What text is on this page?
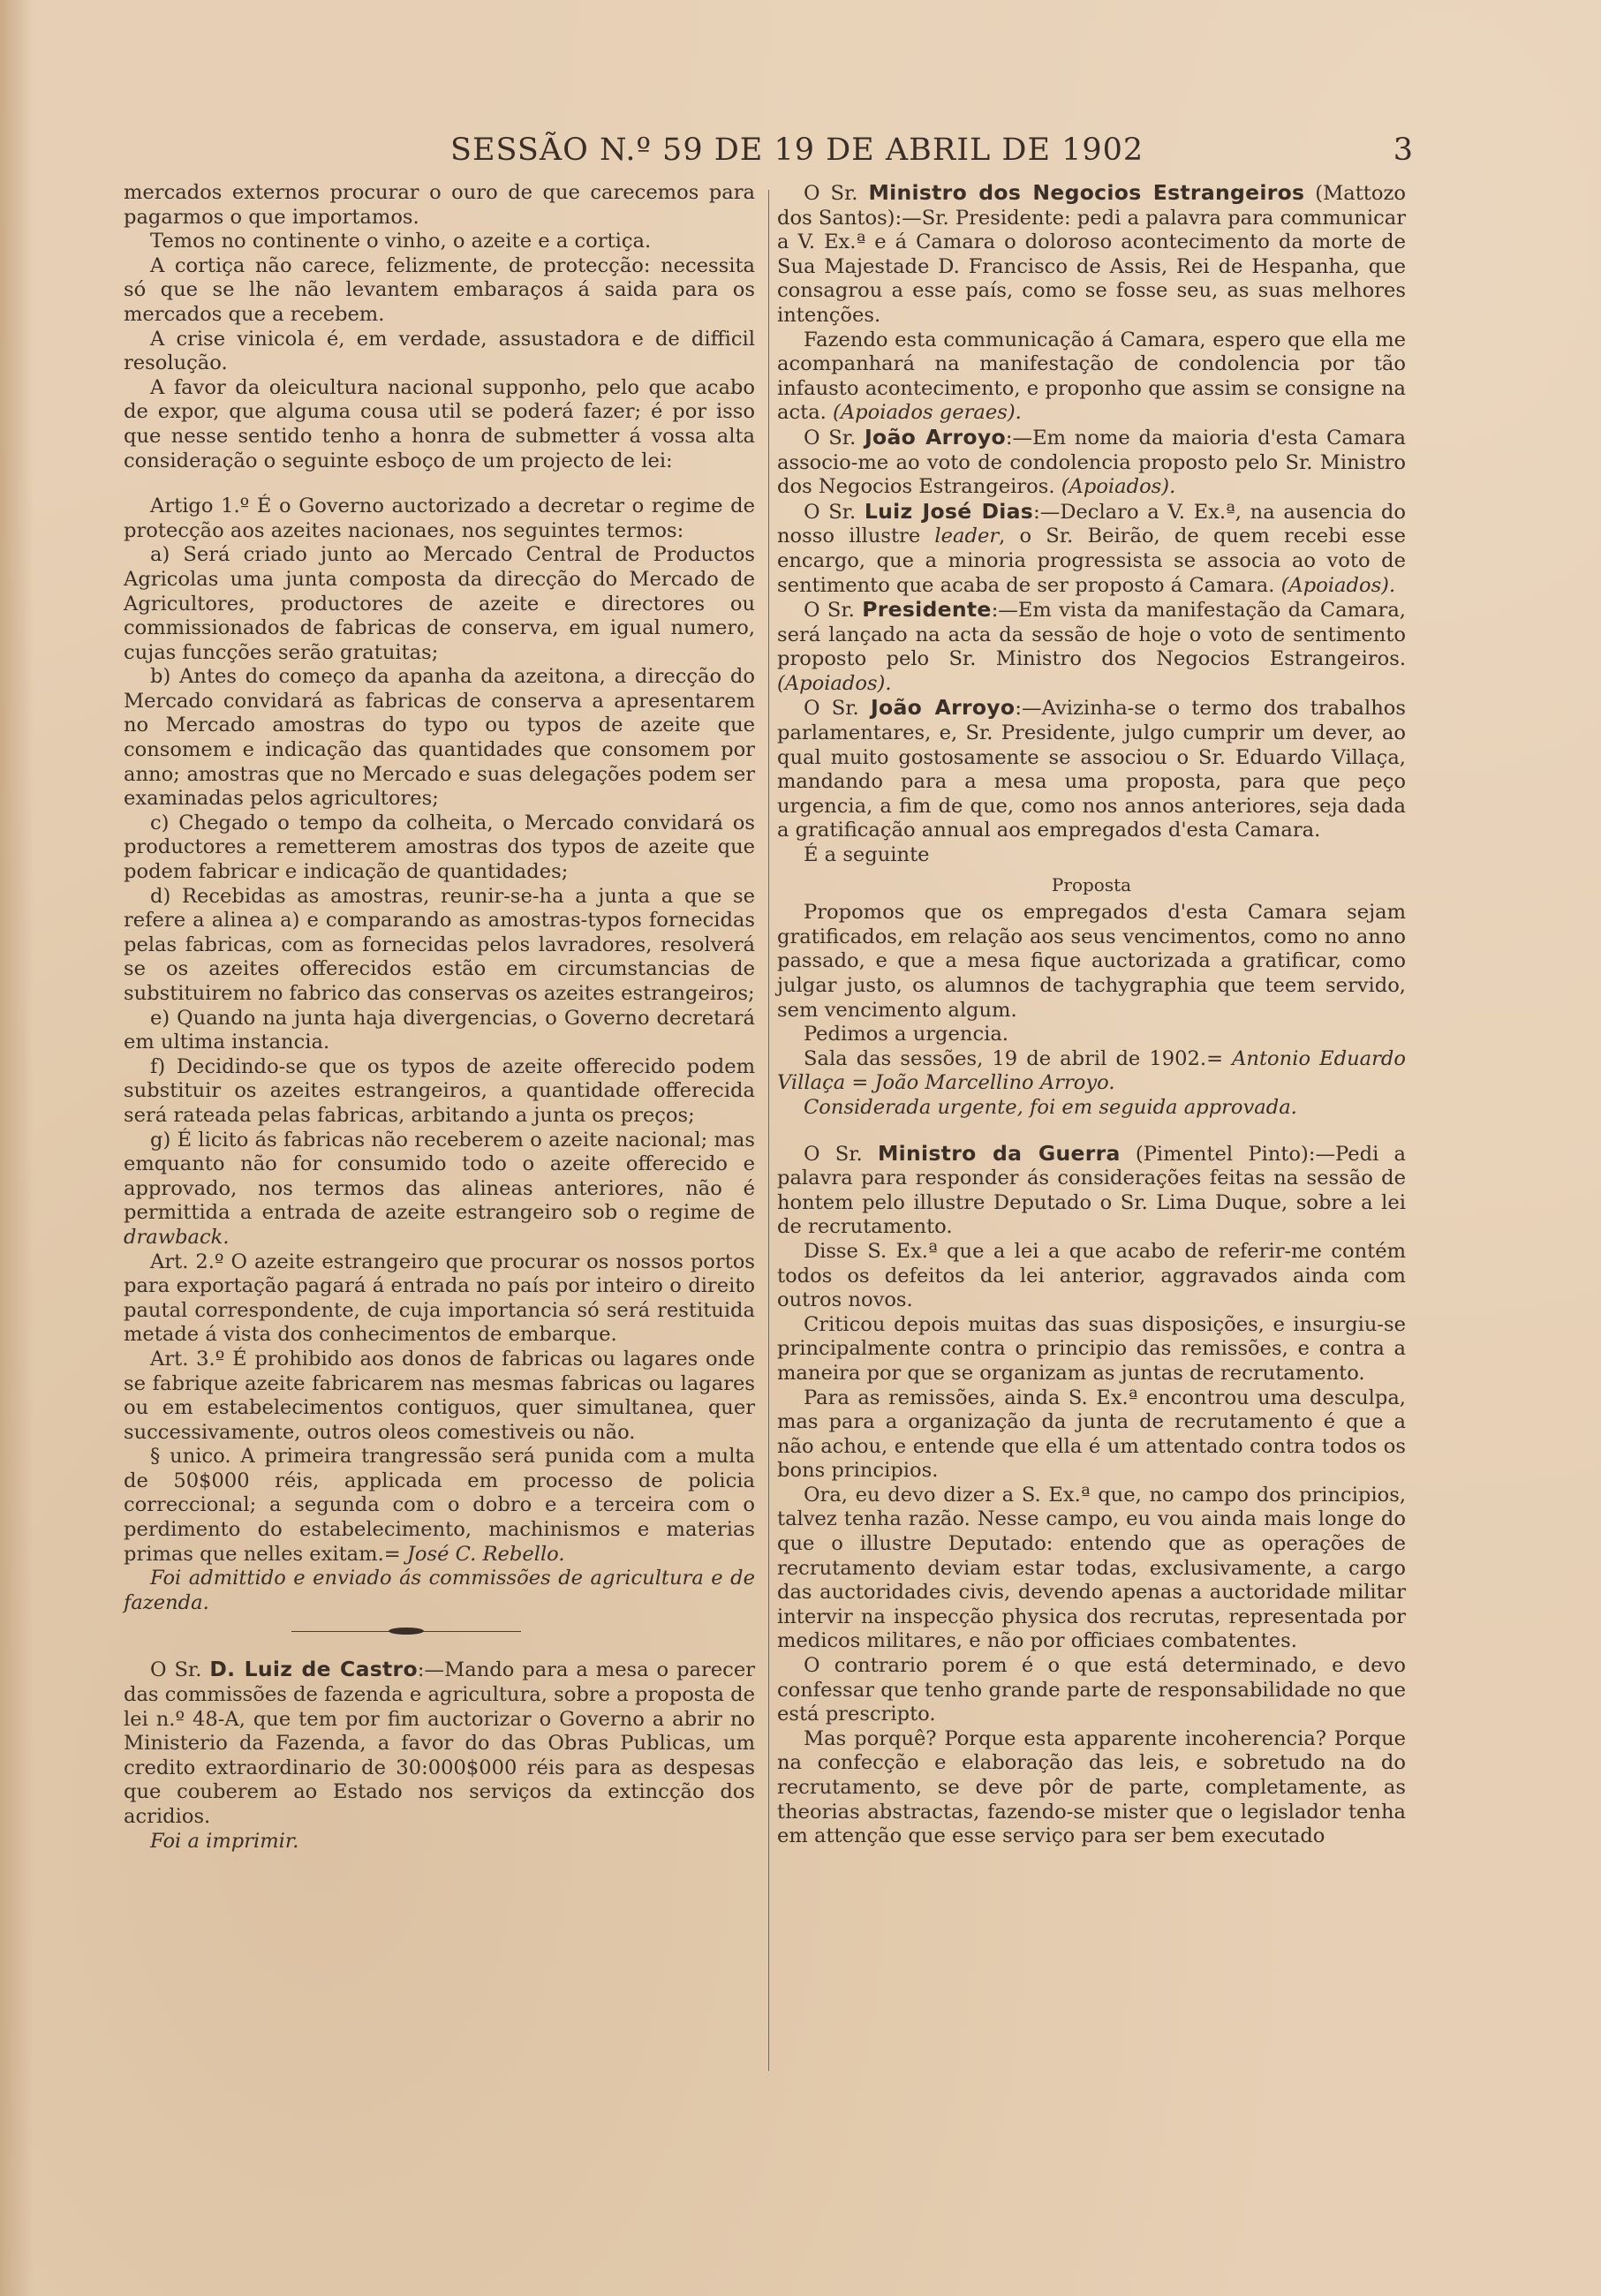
SESSÃO N.º 59 DE 19 DE ABRIL DE 1902	3

mercados externos procurar o ouro de que carecemos para pagarmos o que importamos.

Temos no continente o vinho, o azeite e a cortiça.

A cortiça não carece, felizmente, de protecção: necessita só que se lhe não levantem embaraços á saida para os mercados que a recebem.

A crise vinicola é, em verdade, assustadora e de difficil resolução.

A favor da oleicultura nacional supponho, pelo que acabo de expor, que alguma cousa util se poderá fazer; é por isso que nesse sentido tenho a honra de submetter á vossa alta consideração o seguinte esboço de um projecto de lei:

Artigo 1.º É o Governo auctorizado a decretar o regime de protecção aos azeites nacionaes, nos seguintes termos:

a) Será criado junto ao Mercado Central de Productos Agricolas uma junta composta da direcção do Mercado de Agricultores, productores de azeite e directores ou commissionados de fabricas de conserva, em igual numero, cujas funcções serão gratuitas;

b) Antes do começo da apanha da azeitona, a direcção do Mercado convidará as fabricas de conserva a apresentarem no Mercado amostras do typo ou typos de azeite que consomem e indicação das quantidades que consomem por anno; amostras que no Mercado e suas delegações podem ser examinadas pelos agricultores;

c) Chegado o tempo da colheita, o Mercado convidará os productores a remetterem amostras dos typos de azeite que podem fabricar e indicação de quantidades;

d) Recebidas as amostras, reunir-se-ha a junta a que se refere a alinea a) e comparando as amostras-typos fornecidas pelas fabricas, com as fornecidas pelos lavradores, resolverá se os azeites offerecidos estão em circumstancias de substituirem no fabrico das conservas os azeites estrangeiros;

e) Quando na junta haja divergencias, o Governo decretará em ultima instancia.

f) Decidindo-se que os typos de azeite offerecido podem substituir os azeites estrangeiros, a quantidade offerecida será rateada pelas fabricas, arbitando a junta os preços;

g) É licito ás fabricas não receberem o azeite nacional; mas emquanto não for consumido todo o azeite offerecido e approvado, nos termos das alineas anteriores, não é permittida a entrada de azeite estrangeiro sob o regime de drawback.

Art. 2.º O azeite estrangeiro que procurar os nossos portos para exportação pagará á entrada no país por inteiro o direito pautal correspondente, de cuja importancia só será restituida metade á vista dos conhecimentos de embarque.

Art. 3.º É prohibido aos donos de fabricas ou lagares onde se fabrique azeite fabricarem nas mesmas fabricas ou lagares ou em estabelecimentos contiguos, quer simultanea, quer successivamente, outros oleos comestiveis ou não.

§ unico. A primeira trangressão será punida com a multa de 50$000 réis, applicada em processo de policia correccional; a segunda com o dobro e a terceira com o perdimento do estabelecimento, machinismos e materias primas que nelles exitam.= José C. Rebello.

Foi admittido e enviado ás commissões de agricultura e de fazenda.

O Sr. D. Luiz de Castro:—Mando para a mesa o parecer das commissões de fazenda e agricultura, sobre a proposta de lei n.º 48-A, que tem por fim auctorizar o Governo a abrir no Ministerio da Fazenda, a favor do das Obras Publicas, um credito extraordinario de 30:000$000 réis para as despesas que couberem ao Estado nos serviços da extincção dos acridios.

Foi a imprimir.

O Sr. Ministro dos Negocios Estrangeiros (Mattozo dos Santos):—Sr. Presidente: pedi a palavra para communicar a V. Ex.ª e á Camara o doloroso acontecimento da morte de Sua Majestade D. Francisco de Assis, Rei de Hespanha, que consagrou a esse país, como se fosse seu, as suas melhores intenções.

Fazendo esta communicação á Camara, espero que ella me acompanhará na manifestação de condolencia por tão infausto acontecimento, e proponho que assim se consigne na acta. (Apoiados geraes).

O Sr. João Arroyo:—Em nome da maioria d'esta Camara associo-me ao voto de condolencia proposto pelo Sr. Ministro dos Negocios Estrangeiros. (Apoiados).

O Sr. Luiz José Dias:—Declaro a V. Ex.ª, na ausencia do nosso illustre leader, o Sr. Beirão, de quem recebi esse encargo, que a minoria progressista se associa ao voto de sentimento que acaba de ser proposto á Camara. (Apoiados).

O Sr. Presidente:—Em vista da manifestação da Camara, será lançado na acta da sessão de hoje o voto de sentimento proposto pelo Sr. Ministro dos Negocios Estrangeiros. (Apoiados).

O Sr. João Arroyo:—Avizinha-se o termo dos trabalhos parlamentares, e, Sr. Presidente, julgo cumprir um dever, ao qual muito gostosamente se associou o Sr. Eduardo Villaça, mandando para a mesa uma proposta, para que peço urgencia, a fim de que, como nos annos anteriores, seja dada a gratificação annual aos empregados d'esta Camara.

É a seguinte

Proposta

Propomos que os empregados d'esta Camara sejam gratificados, em relação aos seus vencimentos, como no anno passado, e que a mesa fique auctorizada a gratificar, como julgar justo, os alumnos de tachygraphia que teem servido, sem vencimento algum.

Pedimos a urgencia.

Sala das sessões, 19 de abril de 1902.= Antonio Eduardo Villaça = João Marcellino Arroyo.

Considerada urgente, foi em seguida approvada.

O Sr. Ministro da Guerra (Pimentel Pinto):—Pedi a palavra para responder ás considerações feitas na sessão de hontem pelo illustre Deputado o Sr. Lima Duque, sobre a lei de recrutamento.

Disse S. Ex.ª que a lei a que acabo de referir-me contém todos os defeitos da lei anterior, aggravados ainda com outros novos.

Criticou depois muitas das suas disposições, e insurgiu-se principalmente contra o principio das remissões, e contra a maneira por que se organizam as juntas de recrutamento.

Para as remissões, ainda S. Ex.ª encontrou uma desculpa, mas para a organização da junta de recrutamento é que a não achou, e entende que ella é um attentado contra todos os bons principios.

Ora, eu devo dizer a S. Ex.ª que, no campo dos principios, talvez tenha razão. Nesse campo, eu vou ainda mais longe do que o illustre Deputado: entendo que as operações de recrutamento deviam estar todas, exclusivamente, a cargo das auctoridades civis, devendo apenas a auctoridade militar intervir na inspecção physica dos recrutas, representada por medicos militares, e não por officiaes combatentes.

O contrario porem é o que está determinado, e devo confessar que tenho grande parte de responsabilidade no que está prescripto.

Mas porquê? Porque esta apparente incoherencia? Porque na confecção e elaboração das leis, e sobretudo na do recrutamento, se deve pôr de parte, completamente, as theorias abstractas, fazendo-se mister que o legislador tenha em attenção que esse serviço para ser bem executado
